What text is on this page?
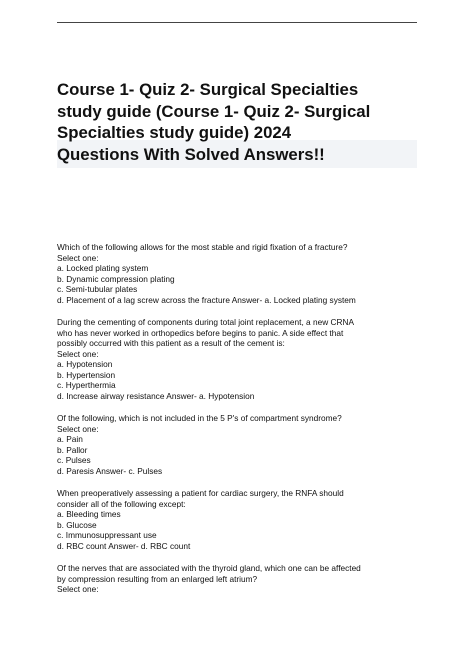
Course 1- Quiz 2- Surgical Specialties
study guide (Course 1- Quiz 2- Surgical
Specialties study guide) 2024
Questions With Solved Answers!!
Which of the following allows for the most stable and rigid fixation of a fracture?
Select one:
a. Locked plating system
b. Dynamic compression plating
c. Semi-tubular plates
d. Placement of a lag screw across the fracture Answer- a. Locked plating system
During the cementing of components during total joint replacement, a new CRNA
who has never worked in orthopedics before begins to panic. A side effect that
possibly occurred with this patient as a result of the cement is:
Select one:
a. Hypotension
b. Hypertension
c. Hyperthermia
d. Increase airway resistance Answer- a. Hypotension
Of the following, which is not included in the 5 P's of compartment syndrome?
Select one:
a. Pain
b. Pallor
c. Pulses
d. Paresis Answer- c. Pulses
When preoperatively assessing a patient for cardiac surgery, the RNFA should
consider all of the following except:
a. Bleeding times
b. Glucose
c. Immunosuppressant use
d. RBC count Answer- d. RBC count
Of the nerves that are associated with the thyroid gland, which one can be affected
by compression resulting from an enlarged left atrium?
Select one:
